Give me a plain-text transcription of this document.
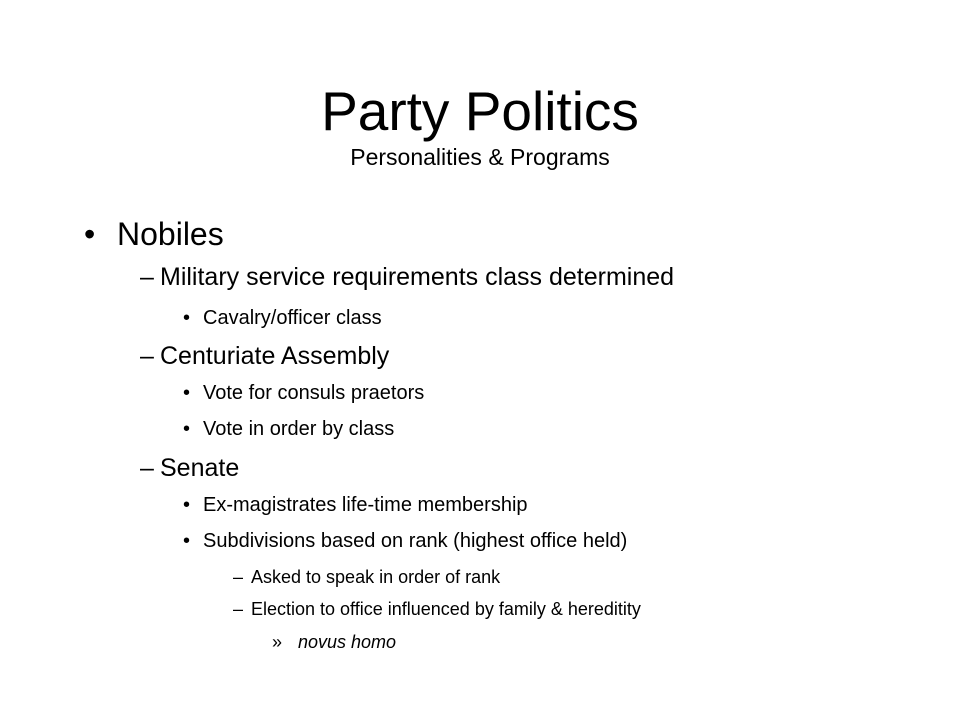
Party Politics
Personalities & Programs
• Nobiles
– Military service requirements class determined
• Cavalry/officer class
– Centuriate Assembly
• Vote for consuls praetors
• Vote in order by class
– Senate
• Ex-magistrates life-time membership
• Subdivisions based on rank (highest office held)
– Asked to speak in order of rank
– Election to office influenced by family & hereditity
» novus homo
